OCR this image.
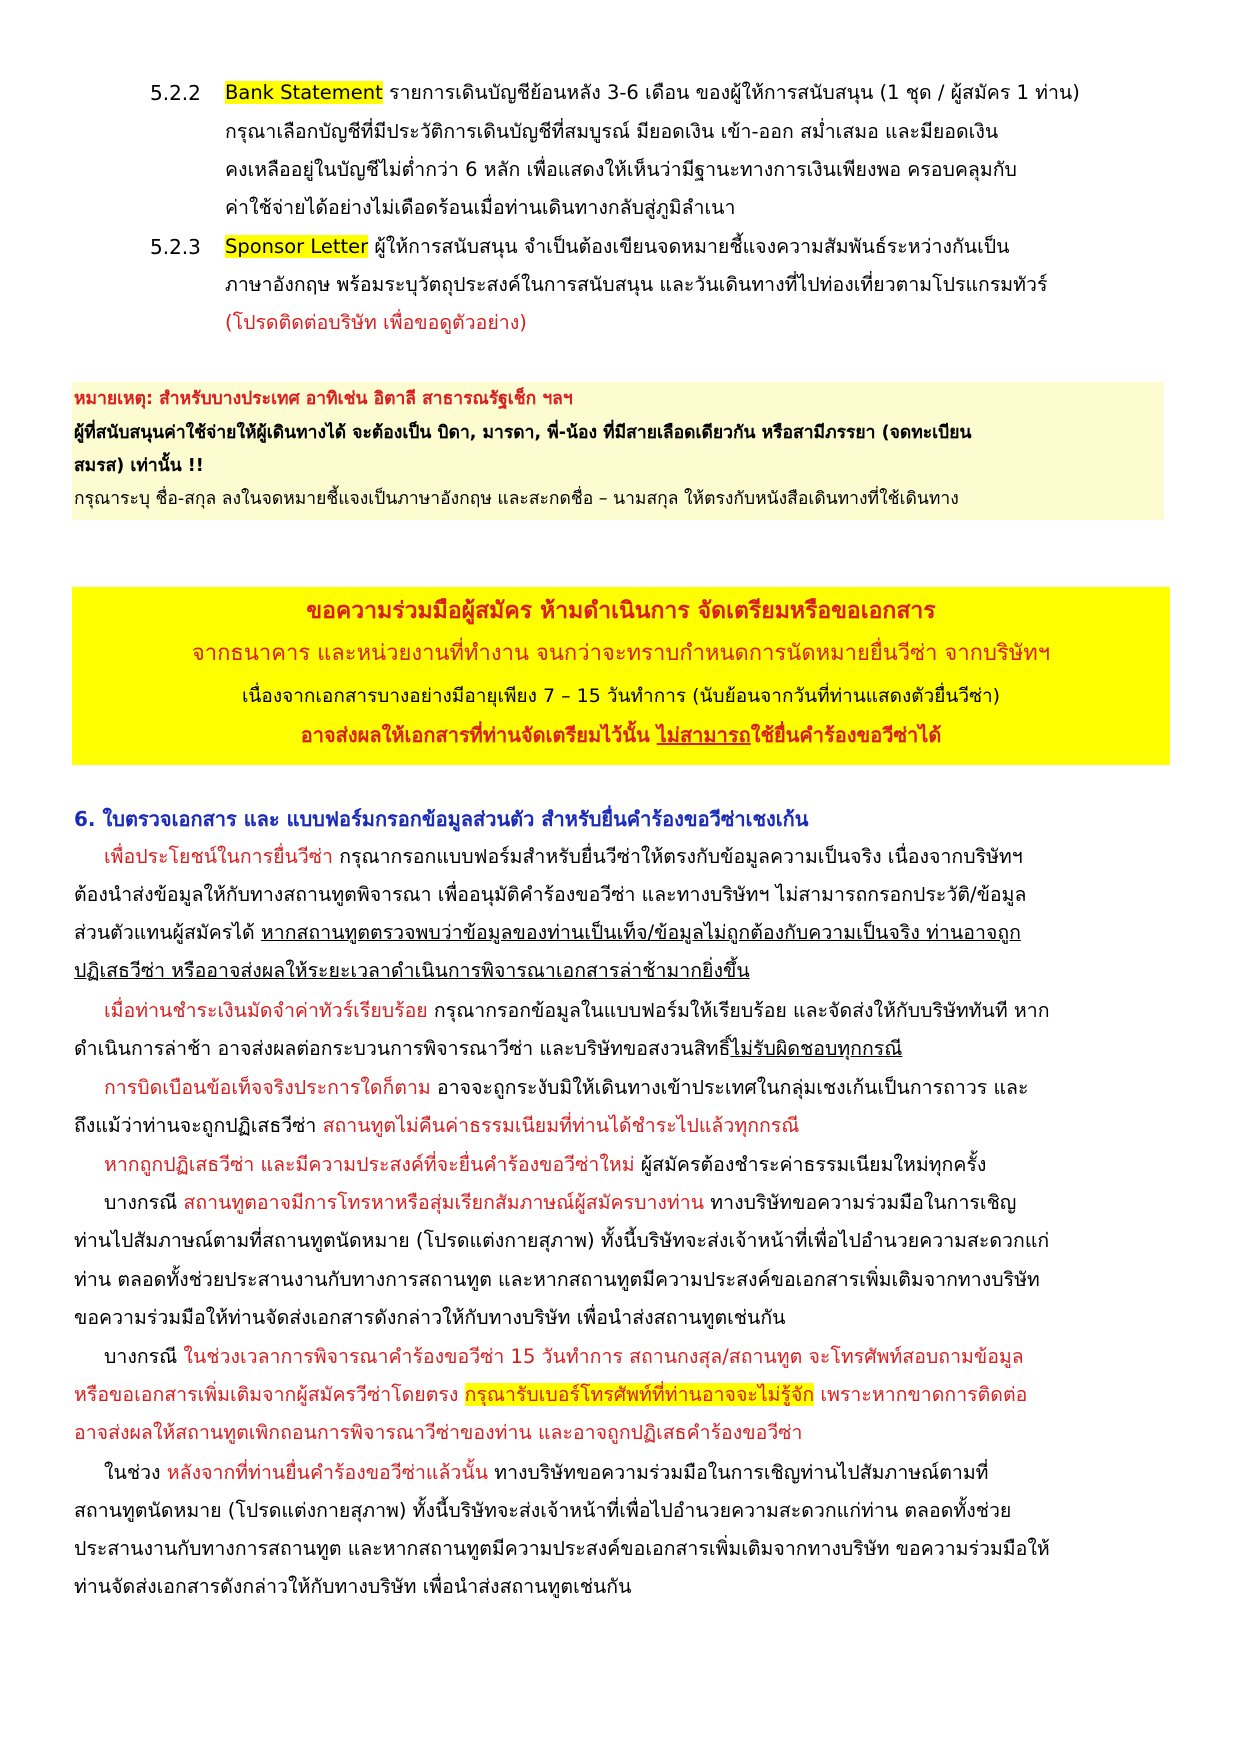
5.2.2 Bank Statement รายการเดินบัญชีย้อนหลัง 3-6 เดือน ของผู้ให้การสนับสนุน (1 ชุด / ผู้สมัคร 1 ท่าน)
กรุณาเลือกบัญชีที่มีประวัติการเดินบัญชีที่สมบูรณ์ มียอดเงิน เข้า-ออก สม่ำเสมอ และมียอดเงิน
คงเหลืออยู่ในบัญชีไม่ต่ำกว่า 6 หลัก เพื่อแสดงให้เห็นว่ามีฐานะทางการเงินเพียงพอ ครอบคลุมกับ
ค่าใช้จ่ายได้อย่างไม่เดือดร้อนเมื่อท่านเดินทางกลับสู่ภูมิลำเนา
5.2.3 Sponsor Letter ผู้ให้การสนับสนุน จำเป็นต้องเขียนจดหมายชี้แจงความสัมพันธ์ระหว่างกันเป็น
ภาษาอังกฤษ พร้อมระบุวัตถุประสงค์ในการสนับสนุน และวันเดินทางที่ไปท่องเที่ยวตามโปรแกรมทัวร์
(โปรดติดต่อบริษัท เพื่อขอดูตัวอย่าง)
หมายเหตุ: สำหรับบางประเทศ อาทิเช่น อิตาลี สาธารณรัฐเช็ก ฯลฯ
ผู้ที่สนับสนุนค่าใช้จ่ายให้ผู้เดินทางได้ จะต้องเป็น บิดา, มารดา, พี่-น้อง ที่มีสายเลือดเดียวกัน หรือสามีภรรยา (จดทะเบียน
สมรส) เท่านั้น !!
กรุณาระบุ ชื่อ-สกุล ลงในจดหมายชี้แจงเป็นภาษาอังกฤษ และสะกดชื่อ – นามสกุล ให้ตรงกับหนังสือเดินทางที่ใช้เดินทาง
ขอความร่วมมือผู้สมัคร ห้ามดำเนินการ จัดเตรียมหรือขอเอกสาร
จากธนาคาร และหน่วยงานที่ทำงาน จนกว่าจะทราบกำหนดการนัดหมายยื่นวีซ่า จากบริษัทฯ
เนื่องจากเอกสารบางอย่างมีอายุเพียง 7 – 15 วันทำการ (นับย้อนจากวันที่ท่านแสดงตัวยื่นวีซ่า)
อาจส่งผลให้เอกสารที่ท่านจัดเตรียมไว้นั้น ไม่สามารถใช้ยื่นคำร้องขอวีซ่าได้
6. ใบตรวจเอกสาร และ แบบฟอร์มกรอกข้อมูลส่วนตัว สำหรับยื่นคำร้องขอวีซ่าเชงเก้น
เพื่อประโยชน์ในการยื่นวีซ่า กรุณากรอกแบบฟอร์มสำหรับยื่นวีซ่าให้ตรงกับข้อมูลความเป็นจริง เนื่องจากบริษัทฯ
ต้องนำส่งข้อมูลให้กับทางสถานทูตพิจารณา เพื่ออนุมัติคำร้องขอวีซ่า และทางบริษัทฯ ไม่สามารถกรอกประวัติ/ข้อมูล
ส่วนตัวแทนผู้สมัครได้ หากสถานทูตตรวจพบว่าข้อมูลของท่านเป็นเท็จ/ข้อมูลไม่ถูกต้องกับความเป็นจริง ท่านอาจถูก
ปฏิเสธวีซ่า หรืออาจส่งผลให้ระยะเวลาดำเนินการพิจารณาเอกสารล่าช้ามากยิ่งขึ้น
เมื่อท่านชำระเงินมัดจำค่าทัวร์เรียบร้อย กรุณากรอกข้อมูลในแบบฟอร์มให้เรียบร้อย และจัดส่งให้กับบริษัททันที หาก
ดำเนินการล่าช้า อาจส่งผลต่อกระบวนการพิจารณาวีซ่า และบริษัทขอสงวนสิทธิ์ไม่รับผิดชอบทุกกรณี
การบิดเบือนข้อเท็จจริงประการใดก็ตาม อาจจะถูกระงับมิให้เดินทางเข้าประเทศในกลุ่มเชงเก้นเป็นการถาวร และ
ถึงแม้ว่าท่านจะถูกปฏิเสธวีซ่า สถานทูตไม่คืนค่าธรรมเนียมที่ท่านได้ชำระไปแล้วทุกกรณี
หากถูกปฏิเสธวีซ่า และมีความประสงค์ที่จะยื่นคำร้องขอวีซ่าใหม่ ผู้สมัครต้องชำระค่าธรรมเนียมใหม่ทุกครั้ง
บางกรณี สถานทูตอาจมีการโทรหาหรือสุ่มเรียกสัมภาษณ์ผู้สมัครบางท่าน ทางบริษัทขอความร่วมมือในการเชิญ
ท่านไปสัมภาษณ์ตามที่สถานทูตนัดหมาย (โปรดแต่งกายสุภาพ) ทั้งนี้บริษัทจะส่งเจ้าหน้าที่เพื่อไปอำนวยความสะดวกแก่
ท่าน ตลอดทั้งช่วยประสานงานกับทางการสถานทูต และหากสถานทูตมีความประสงค์ขอเอกสารเพิ่มเติมจากทางบริษัท
ขอความร่วมมือให้ท่านจัดส่งเอกสารดังกล่าวให้กับทางบริษัท เพื่อนำส่งสถานทูตเช่นกัน
บางกรณี ในช่วงเวลาการพิจารณาคำร้องขอวีซ่า 15 วันทำการ สถานกงสุล/สถานทูต จะโทรศัพท์สอบถามข้อมูล
หรือขอเอกสารเพิ่มเติมจากผู้สมัครวีซ่าโดยตรง กรุณารับเบอร์โทรศัพท์ที่ท่านอาจจะไม่รู้จัก เพราะหากขาดการติดต่อ
อาจส่งผลให้สถานทูตเพิกถอนการพิจารณาวีซ่าของท่าน และอาจถูกปฏิเสธคำร้องขอวีซ่า
ในช่วง หลังจากที่ท่านยื่นคำร้องขอวีซ่าแล้วนั้น ทางบริษัทขอความร่วมมือในการเชิญท่านไปสัมภาษณ์ตามที่
สถานทูตนัดหมาย (โปรดแต่งกายสุภาพ) ทั้งนี้บริษัทจะส่งเจ้าหน้าที่เพื่อไปอำนวยความสะดวกแก่ท่าน ตลอดทั้งช่วย
ประสานงานกับทางการสถานทูต และหากสถานทูตมีความประสงค์ขอเอกสารเพิ่มเติมจากทางบริษัท ขอความร่วมมือให้
ท่านจัดส่งเอกสารดังกล่าวให้กับทางบริษัท เพื่อนำส่งสถานทูตเช่นกัน
